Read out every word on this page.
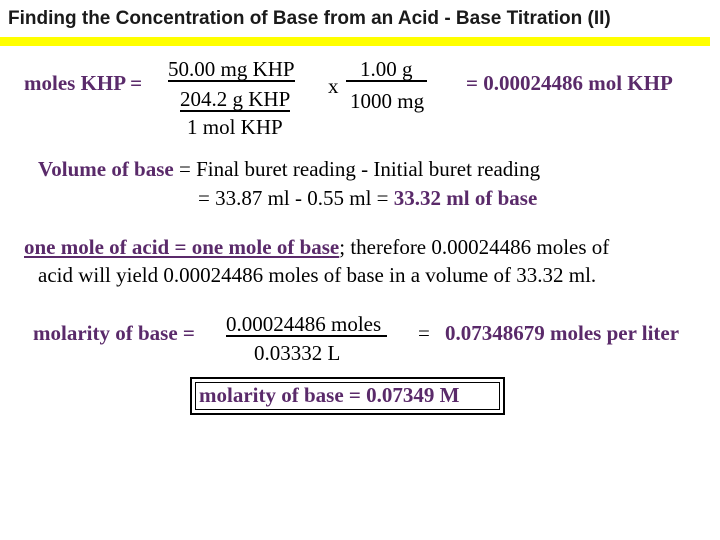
Finding the Concentration of Base from an Acid - Base Titration (II)
moles KHP =
50.00 mg KHP
204.2 g KHP
1 mol KHP
x
1.00 g
1000 mg
= 0.00024486 mol KHP
Volume of base = Final buret reading - Initial buret reading
= 33.87 ml - 0.55 ml = 33.32 ml of base
one mole of acid = one mole of base; therefore 0.00024486 moles of
acid will yield 0.00024486 moles of base in a volume of 33.32 ml.
molarity of base = 0.00024486 moles
0.03332 L
= 0.07348679 moles per liter
molarity of base = 0.07349 M
